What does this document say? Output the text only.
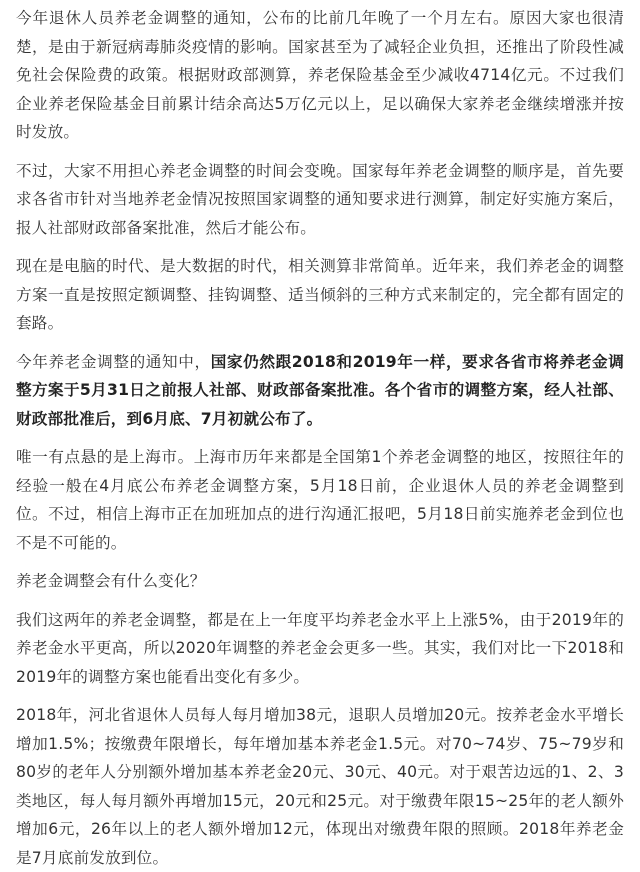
今年退休人员养老金调整的通知，公布的比前几年晚了一个月左右。原因大家也很清楚，是由于新冠病毒肺炎疫情的影响。国家甚至为了减轻企业负担，还推出了阶段性减免社会保险费的政策。根据财政部测算，养老保险基金至少减收4714亿元。不过我们企业养老保险基金目前累计结余高达5万亿元以上，足以确保大家养老金继续增涨并按时发放。

不过，大家不用担心养老金调整的时间会变晚。国家每年养老金调整的顺序是，首先要求各省市针对当地养老金情况按照国家调整的通知要求进行测算，制定好实施方案后，报人社部财政部备案批准，然后才能公布。

现在是电脑的时代、是大数据的时代，相关测算非常简单。近年来，我们养老金的调整方案一直是按照定额调整、挂钩调整、适当倾斜的三种方式来制定的，完全都有固定的套路。

今年养老金调整的通知中，国家仍然跟2018和2019年一样，要求各省市将养老金调整方案于5月31日之前报人社部、财政部备案批准。各个省市的调整方案，经人社部、财政部批准后，到6月底、7月初就公布了。

唯一有点悬的是上海市。上海市历年来都是全国第1个养老金调整的地区，按照往年的经验一般在4月底公布养老金调整方案，5月18日前，企业退休人员的养老金调整到位。不过，相信上海市正在加班加点的进行沟通汇报吧，5月18日前实施养老金到位也不是不可能的。

养老金调整会有什么变化？

我们这两年的养老金调整，都是在上一年度平均养老金水平上上涨5%，由于2019年的养老金水平更高，所以2020年调整的养老金会更多一些。其实，我们对比一下2018和2019年的调整方案也能看出变化有多少。

2018年，河北省退休人员每人每月增加38元，退职人员增加20元。按养老金水平增长增加1.5%；按缴费年限增长，每年增加基本养老金1.5元。对70~74岁、75~79岁和80岁的老年人分别额外增加基本养老金20元、30元、40元。对于艰苦边远的1、2、3类地区，每人每月额外再增加15元，20元和25元。对于缴费年限15~25年的老人额外增加6元，26年以上的老人额外增加12元，体现出对缴费年限的照顾。2018年养老金是7月底前发放到位。
